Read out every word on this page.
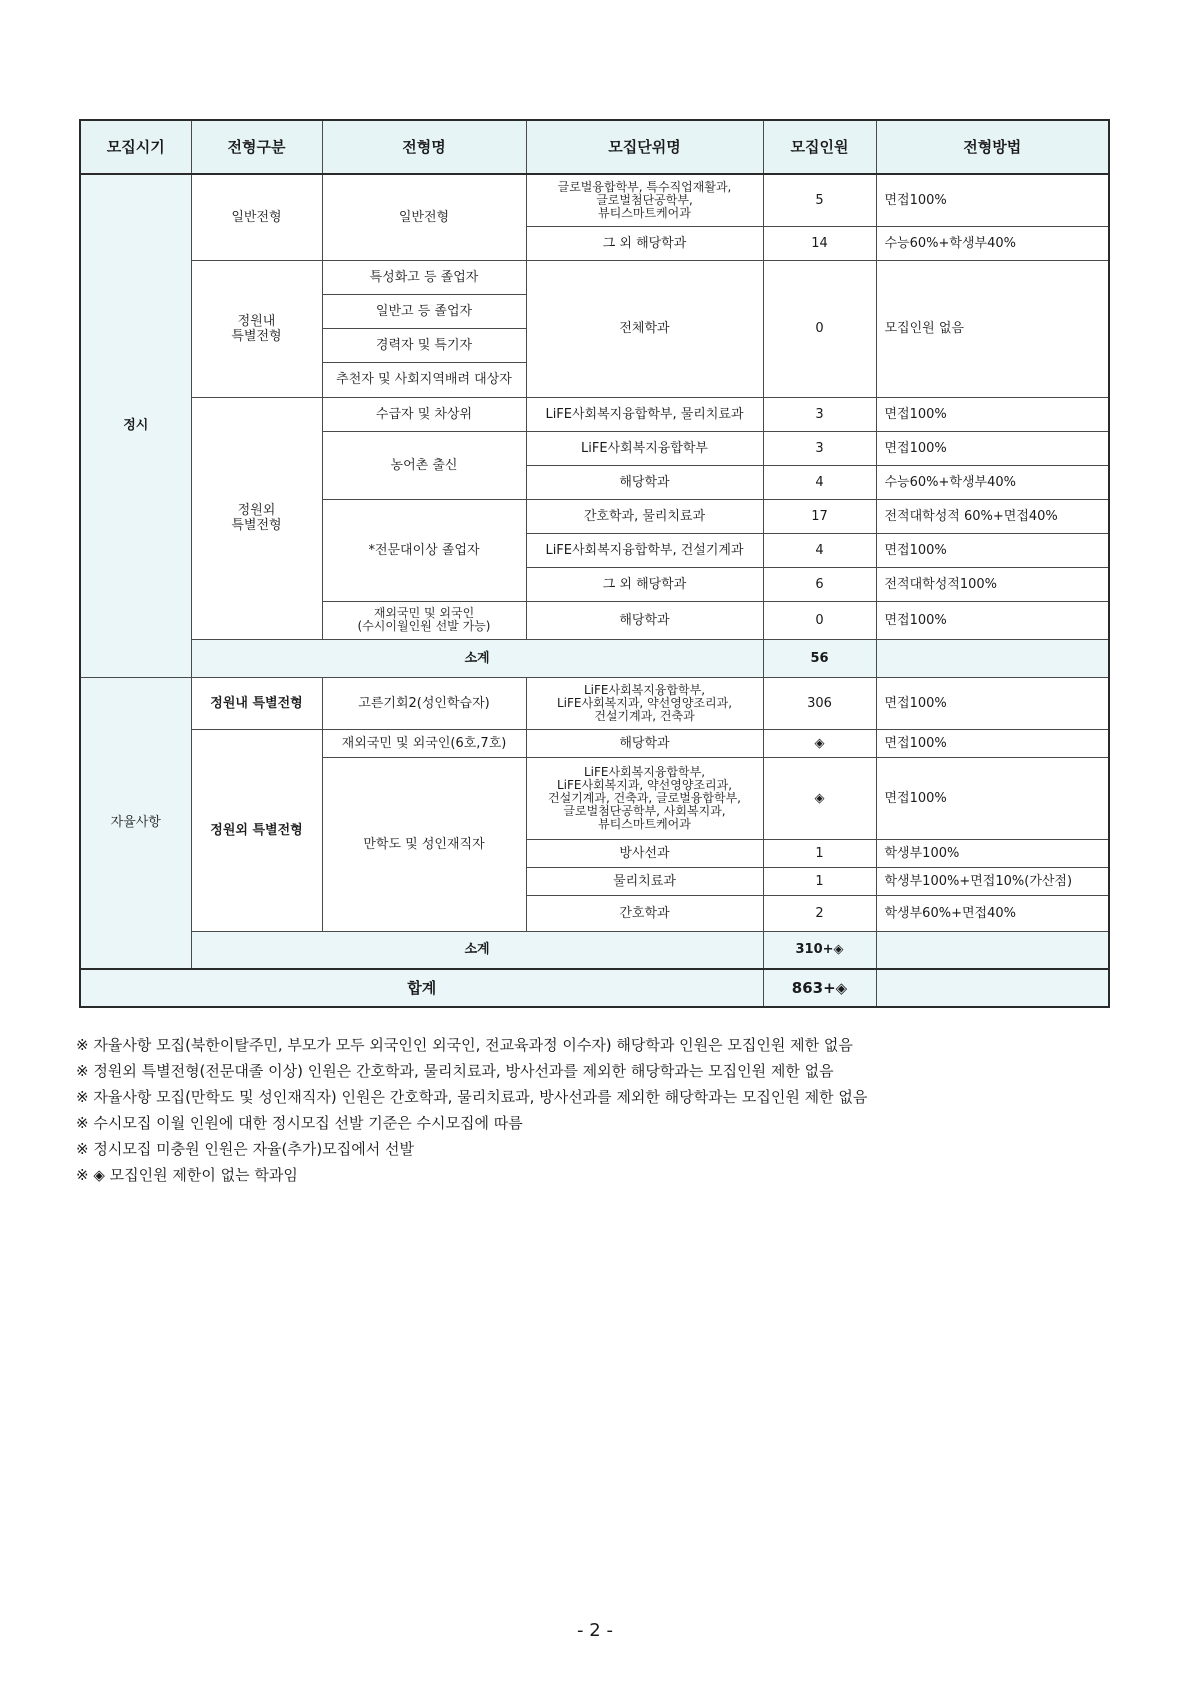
모집시기	전형구분	전형명	모집단위명	모집인원	전형방법
정시	일반전형	일반전형	글로벌융합학부, 특수직업재활과,
글로벌첨단공학부,
뷰티스마트케어과	5	면접100%
			그 외 해당학과	14	수능60%+학생부40%
	정원내
특별전형	특성화고 등 졸업자	전체학과	0	모집인원 없음
		일반고 등 졸업자			
		경력자 및 특기자			
		추천자 및 사회지역배려 대상자			
	정원외
특별전형	수급자 및 차상위	LiFE사회복지융합학부, 물리치료과	3	면접100%
		농어촌 출신	LiFE사회복지융합학부	3	면접100%
			해당학과	4	수능60%+학생부40%
		*전문대이상 졸업자	간호학과, 물리치료과	17	전적대학성적 60%+면접40%
			LiFE사회복지융합학부, 건설기계과	4	면접100%
			그 외 해당학과	6	전적대학성적100%
		재외국민 및 외국인
(수시이월인원 선발 가능)	해당학과	0	면접100%
	소계			56	
자율사항	정원내 특별전형	고른기회2(성인학습자)	LiFE사회복지융합학부,
LiFE사회복지과, 약선영양조리과,
건설기계과, 건축과	306	면접100%
	정원외 특별전형	재외국민 및 외국인(6호,7호)	해당학과	◈	면접100%
		만학도 및 성인재직자	LiFE사회복지융합학부,
LiFE사회복지과, 약선영양조리과,
건설기계과, 건축과, 글로벌융합학부,
글로벌첨단공학부, 사회복지과,
뷰티스마트케어과	◈	면접100%
			방사선과	1	학생부100%
			물리치료과	1	학생부100%+면접10%(가산점)
			간호학과	2	학생부60%+면접40%
	소계			310+◈	
합계				863+◈	
※ 자율사항 모집(북한이탈주민, 부모가 모두 외국인인 외국인, 전교육과정 이수자) 해당학과 인원은 모집인원 제한 없음
※ 정원외 특별전형(전문대졸 이상) 인원은 간호학과, 물리치료과, 방사선과를 제외한 해당학과는 모집인원 제한 없음
※ 자율사항 모집(만학도 및 성인재직자) 인원은 간호학과, 물리치료과, 방사선과를 제외한 해당학과는 모집인원 제한 없음
※ 수시모집 이월 인원에 대한 정시모집 선발 기준은 수시모집에 따름
※ 정시모집 미충원 인원은 자율(추가)모집에서 선발
※ ◈ 모집인원 제한이 없는 학과임
- 2 -
